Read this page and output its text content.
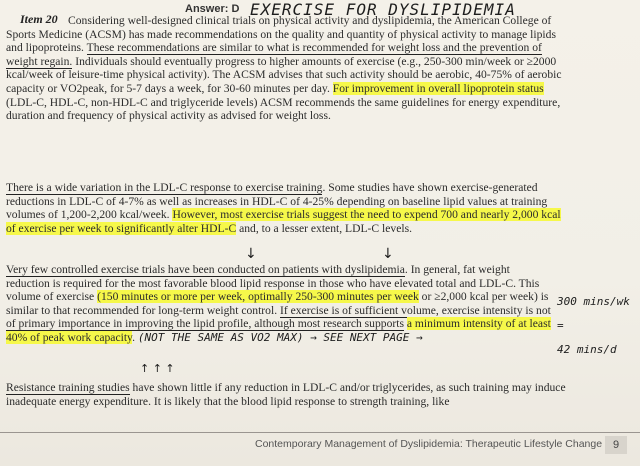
Item 20
Answer: D EXERCISE FOR DYSLIPIDEMIA

Considering well-designed clinical trials on physical activity and dyslipidemia, the American College of Sports Medicine (ACSM) has made recommendations on the quality and quantity of physical activity to manage lipids and lipoproteins. These recommendations are similar to what is recommended for weight loss and the prevention of weight regain. Individuals should eventually progress to higher amounts of exercise (e.g., 250-300 min/week or ≥2000 kcal/week of leisure-time physical activity). The ACSM advises that such activity should be aerobic, 40-75% of aerobic capacity or VO2peak, for 5-7 days a week, for 30-60 minutes per day. For improvement in overall lipoprotein status (LDL-C, HDL-C, non-HDL-C and triglyceride levels) ACSM recommends the same guidelines for energy expenditure, duration and frequency of physical activity as advised for weight loss.

There is a wide variation in the LDL-C response to exercise training. Some studies have shown exercise-generated reductions in LDL-C of 4-7% as well as increases in HDL-C of 4-25% depending on baseline lipid values at training volumes of 1,200-2,200 kcal/week. However, most exercise trials suggest the need to expend 700 and nearly 2,000 kcal of exercise per week to significantly alter HDL-C and, to a lesser extent, LDL-C levels.

↓	↓

Very few controlled exercise trials have been conducted on patients with dyslipidemia. In general, fat weight reduction is required for the most favorable blood lipid response in those who have elevated total and LDL-C. This volume of exercise (150 minutes or more per week, optimally 250-300 minutes per week or ≥2,000 kcal per week) is similar to that recommended for long-term weight control. If exercise is of sufficient volume, exercise intensity is not of primary importance in improving the lipid profile, although most research supports a minimum intensity of at least 40% of peak work capacity. (NOT THE SAME AS VO2 MAX) → SEE NEXT PAGE →

↑ ↑ ↑
300 mins/wk =
42 mins/d

Resistance training studies have shown little if any reduction in LDL-C and/or triglycerides, as such training may induce inadequate energy expenditure. It is likely that the blood lipid response to strength training, like

Contemporary Management of Dyslipidemia: Therapeutic Lifestyle Change 9
